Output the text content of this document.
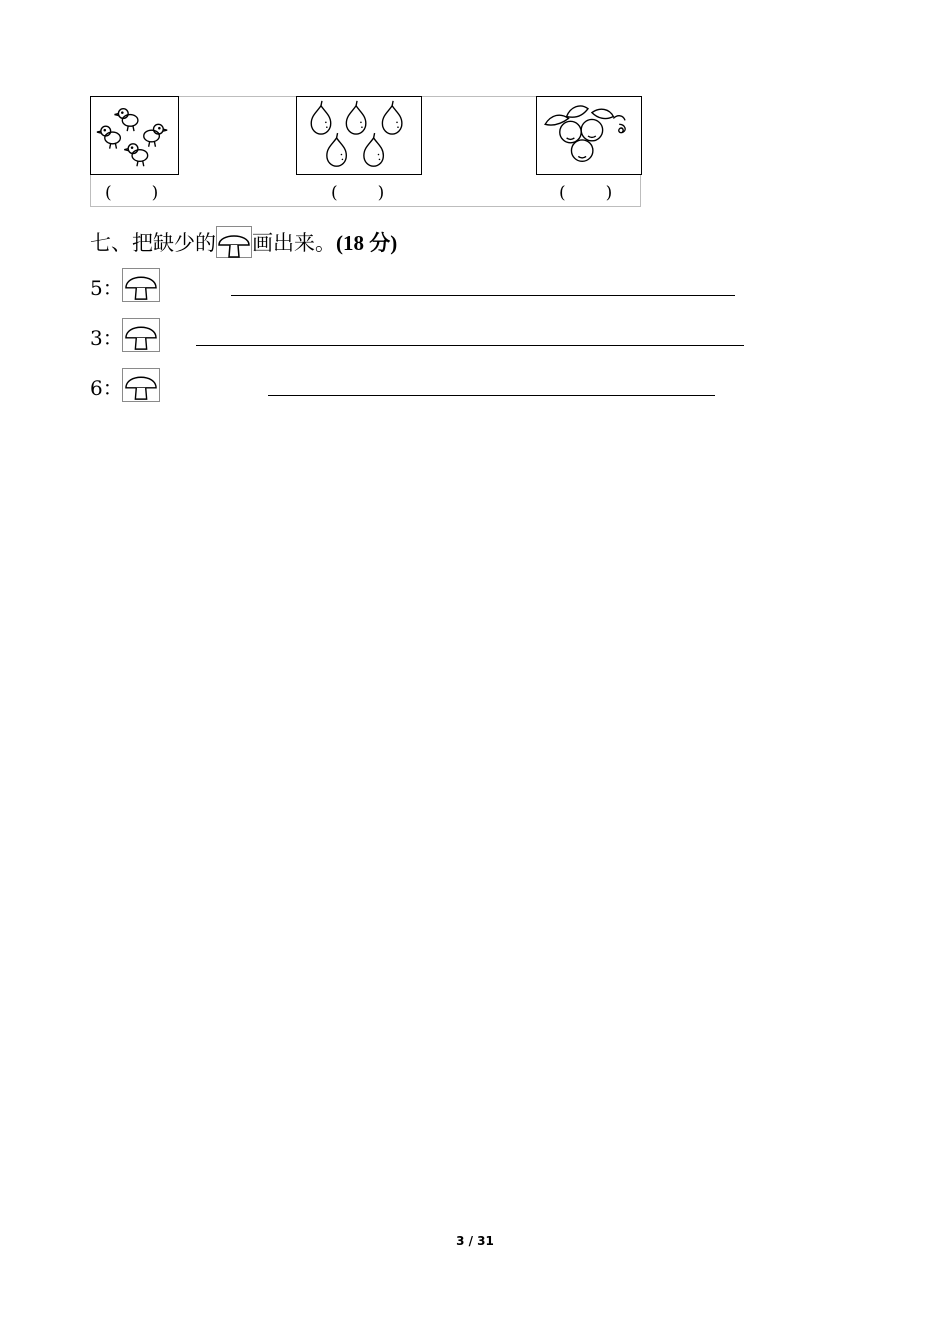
( )	( )	( )
七、把缺少的 画出来。(18 分)
5：
3：
6：
3 / 31
